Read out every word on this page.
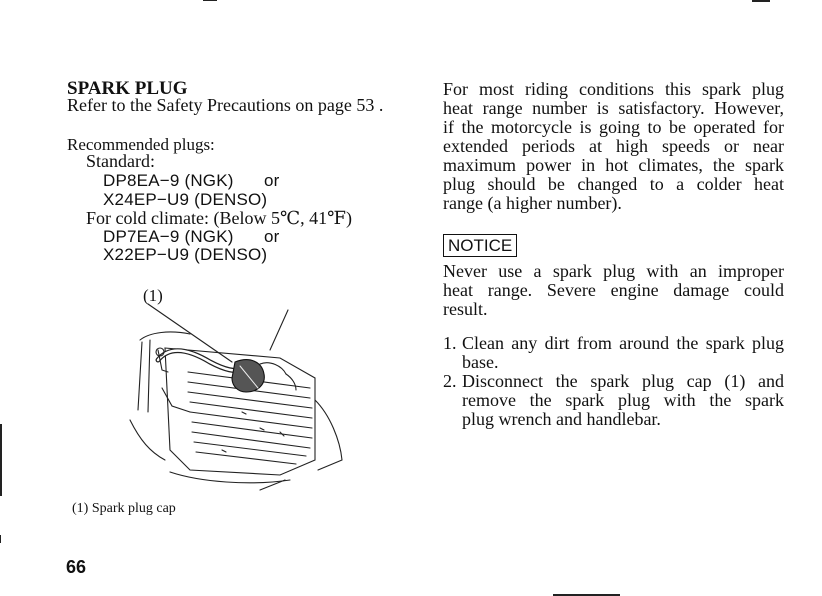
SPARK PLUG
Refer to the Safety Precautions on page 53 .
Recommended plugs:
Standard:
DP8EA−9 (NGK) or
X24EP−U9 (DENSO)
For cold climate: (Below 5℃, 41℉)
DP7EA−9 (NGK) or
X22EP−U9 (DENSO)
(1)
(1) Spark plug cap
66
For most riding conditions this spark plug
heat range number is satisfactory. However,
if the motorcycle is going to be operated for
extended periods at high speeds or near
maximum power in hot climates, the spark
plug should be changed to a colder heat
range (a higher number).
NOTICE
Never use a spark plug with an improper
heat range. Severe engine damage could
result.
1. Clean any dirt from around the spark plug
base.
2. Disconnect the spark plug cap (1) and
remove the spark plug with the spark
plug wrench and handlebar.
